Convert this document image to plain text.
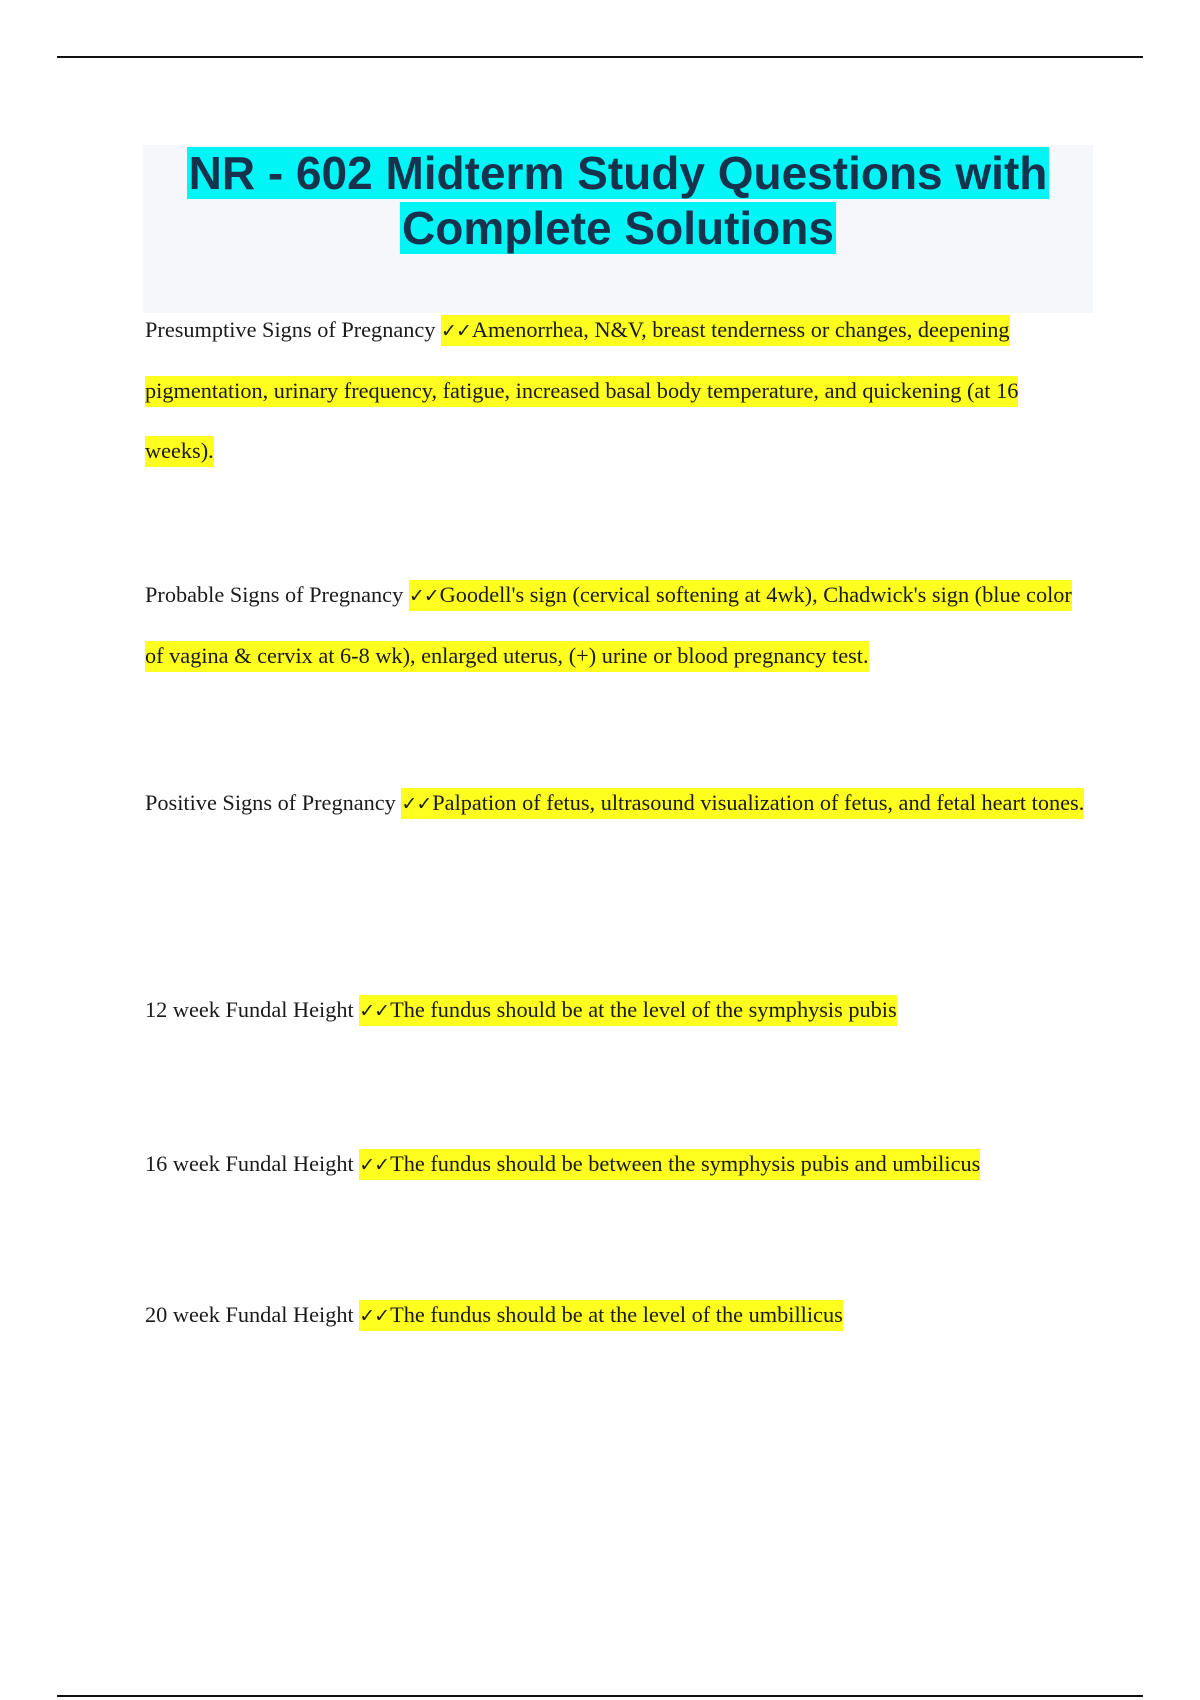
NR - 602 Midterm Study Questions with
Complete Solutions

Presumptive Signs of Pregnancy ✓✓Amenorrhea, N&V, breast tenderness or changes, deepening pigmentation, urinary frequency, fatigue, increased basal body temperature, and quickening (at 16 weeks).

Probable Signs of Pregnancy ✓✓Goodell's sign (cervical softening at 4wk), Chadwick's sign (blue color of vagina & cervix at 6-8 wk), enlarged uterus, (+) urine or blood pregnancy test.

Positive Signs of Pregnancy ✓✓Palpation of fetus, ultrasound visualization of fetus, and fetal heart tones.

12 week Fundal Height ✓✓The fundus should be at the level of the symphysis pubis

16 week Fundal Height ✓✓The fundus should be between the symphysis pubis and umbilicus

20 week Fundal Height ✓✓The fundus should be at the level of the umbillicus
